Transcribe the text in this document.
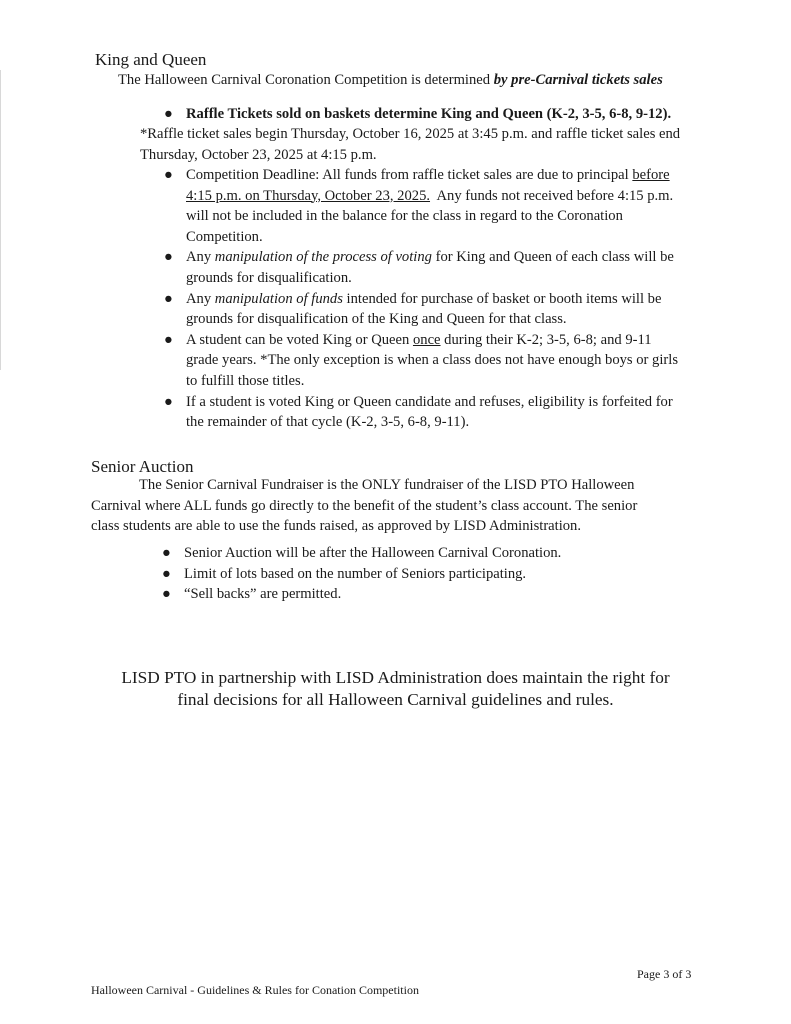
King and Queen
The Halloween Carnival Coronation Competition is determined by pre-Carnival tickets sales
● Raffle Tickets sold on baskets determine King and Queen (K-2, 3-5, 6-8, 9-12).
*Raffle ticket sales begin Thursday, October 16, 2025 at 3:45 p.m. and raffle ticket sales end
Thursday, October 23, 2025 at 4:15 p.m.
● Competition Deadline: All funds from raffle ticket sales are due to principal before
4:15 p.m. on Thursday, October 23, 2025.  Any funds not received before 4:15 p.m.
will not be included in the balance for the class in regard to the Coronation
Competition.
● Any manipulation of the process of voting for King and Queen of each class will be
grounds for disqualification.
● Any manipulation of funds intended for purchase of basket or booth items will be
grounds for disqualification of the King and Queen for that class.
● A student can be voted King or Queen once during their K-2; 3-5, 6-8; and 9-11
grade years. *The only exception is when a class does not have enough boys or girls
to fulfill those titles.
● If a student is voted King or Queen candidate and refuses, eligibility is forfeited for
the remainder of that cycle (K-2, 3-5, 6-8, 9-11).
Senior Auction
The Senior Carnival Fundraiser is the ONLY fundraiser of the LISD PTO Halloween
Carnival where ALL funds go directly to the benefit of the student’s class account. The senior
class students are able to use the funds raised, as approved by LISD Administration.
● Senior Auction will be after the Halloween Carnival Coronation.
● Limit of lots based on the number of Seniors participating.
● “Sell backs” are permitted.
LISD PTO in partnership with LISD Administration does maintain the right for
final decisions for all Halloween Carnival guidelines and rules.
Page 3 of 3
Halloween Carnival - Guidelines & Rules for Conation Competition
